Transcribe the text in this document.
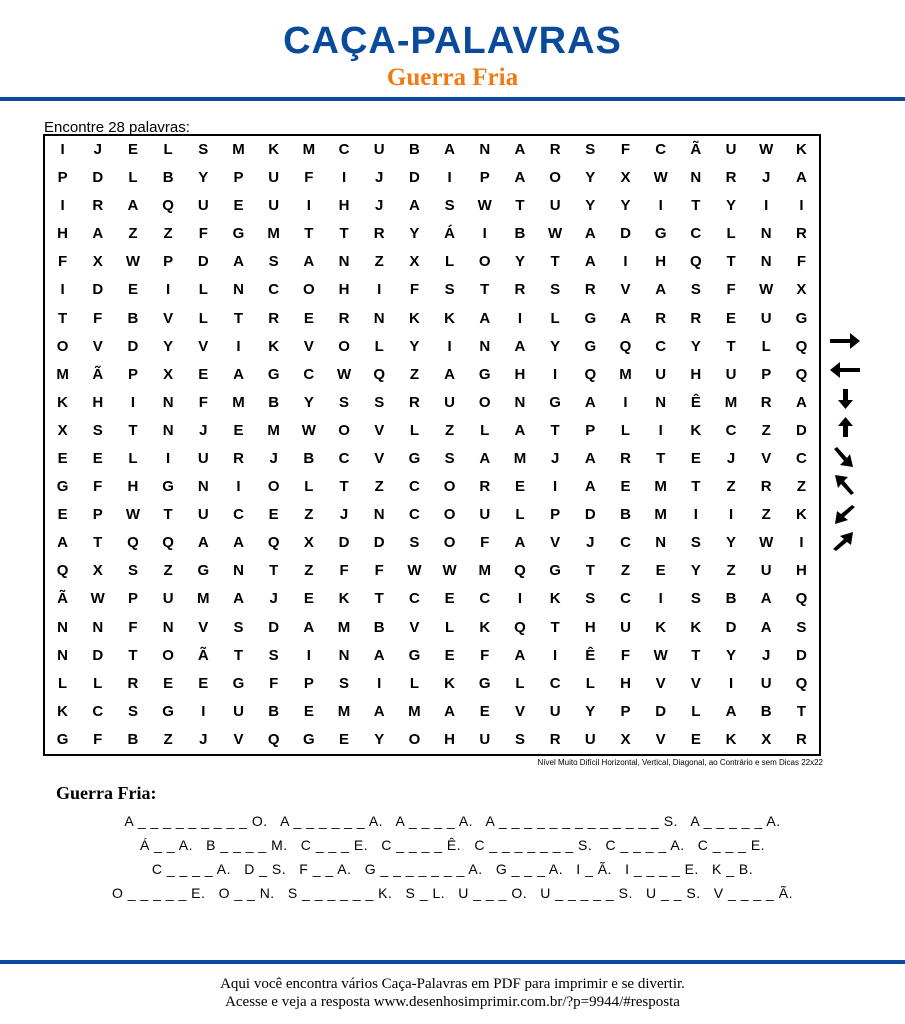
CAÇA-PALAVRAS
Guerra Fria
Encontre 28 palavras:
I	J	E	L	S	M	K	M	C	U	B	A	N	A	R	S	F	C	Ã	U	W	K
P	D	L	B	Y	P	U	F	I	J	D	I	P	A	O	Y	X	W	N	R	J	A
I	R	A	Q	U	E	U	I	H	J	A	S	W	T	U	Y	Y	I	T	Y	I	I
H	A	Z	Z	F	G	M	T	T	R	Y	Á	I	B	W	A	D	G	C	L	N	R
F	X	W	P	D	A	S	A	N	Z	X	L	O	Y	T	A	I	H	Q	T	N	F
I	D	E	I	L	N	C	O	H	I	F	S	T	R	S	R	V	A	S	F	W	X
T	F	B	V	L	T	R	E	R	N	K	K	A	I	L	G	A	R	R	E	U	G
O	V	D	Y	V	I	K	V	O	L	Y	I	N	A	Y	G	Q	C	Y	T	L	Q
M	Ã	P	X	E	A	G	C	W	Q	Z	A	G	H	I	Q	M	U	H	U	P	Q
K	H	I	N	F	M	B	Y	S	S	R	U	O	N	G	A	I	N	Ê	M	R	A
X	S	T	N	J	E	M	W	O	V	L	Z	L	A	T	P	L	I	K	C	Z	D
E	E	L	I	U	R	J	B	C	V	G	S	A	M	J	A	R	T	E	J	V	C
G	F	H	G	N	I	O	L	T	Z	C	O	R	E	I	A	E	M	T	Z	R	Z
E	P	W	T	U	C	E	Z	J	N	C	O	U	L	P	D	B	M	I	I	Z	K
A	T	Q	Q	A	A	Q	X	D	D	S	O	F	A	V	J	C	N	S	Y	W	I
Q	X	S	Z	G	N	T	Z	F	F	W	W	M	Q	G	T	Z	E	Y	Z	U	H
Ã	W	P	U	M	A	J	E	K	T	C	E	C	I	K	S	C	I	S	B	A	Q
N	N	F	N	V	S	D	A	M	B	V	L	K	Q	T	H	U	K	K	D	A	S
N	D	T	O	Ã	T	S	I	N	A	G	E	F	A	I	Ê	F	W	T	Y	J	D
L	L	R	E	E	G	F	P	S	I	L	K	G	L	C	L	H	V	V	I	U	Q
K	C	S	G	I	U	B	E	M	A	M	A	E	V	U	Y	P	D	L	A	B	T
G	F	B	Z	J	V	Q	G	E	Y	O	H	U	S	R	U	X	V	E	K	X	R
Nível Muito Difícil Horizontal, Vertical, Diagonal, ao Contrário e sem Dicas 22x22
Guerra Fria:
A _ _ _ _ _ _ _ _ _ O.   A _ _ _ _ _ _ A.   A _ _ _ _ A.   A _ _ _ _ _ _ _ _ _ _ _ _ _ S.   A _ _ _ _ _ A.
Á _ _ A.   B _ _ _ _ M.   C _ _ _ E.   C _ _ _ _ Ê.   C _ _ _ _ _ _ _ S.   C _ _ _ _ A.   C _ _ _ E.
C _ _ _ _ A.   D _ S.   F _ _ A.   G _ _ _ _ _ _ _ A.   G _ _ _ A.   I _ Ã.   I _ _ _ _ E.   K _ B.
O _ _ _ _ _ E.   O _ _ N.   S _ _ _ _ _ _ K.   S _ L.   U _ _ _ O.   U _ _ _ _ _ S.   U _ _ S.   V _ _ _ _ Ã.
Aqui você encontra vários Caça-Palavras em PDF para imprimir e se divertir.
Acesse e veja a resposta www.desenhosimprimir.com.br/?p=9944/#resposta
